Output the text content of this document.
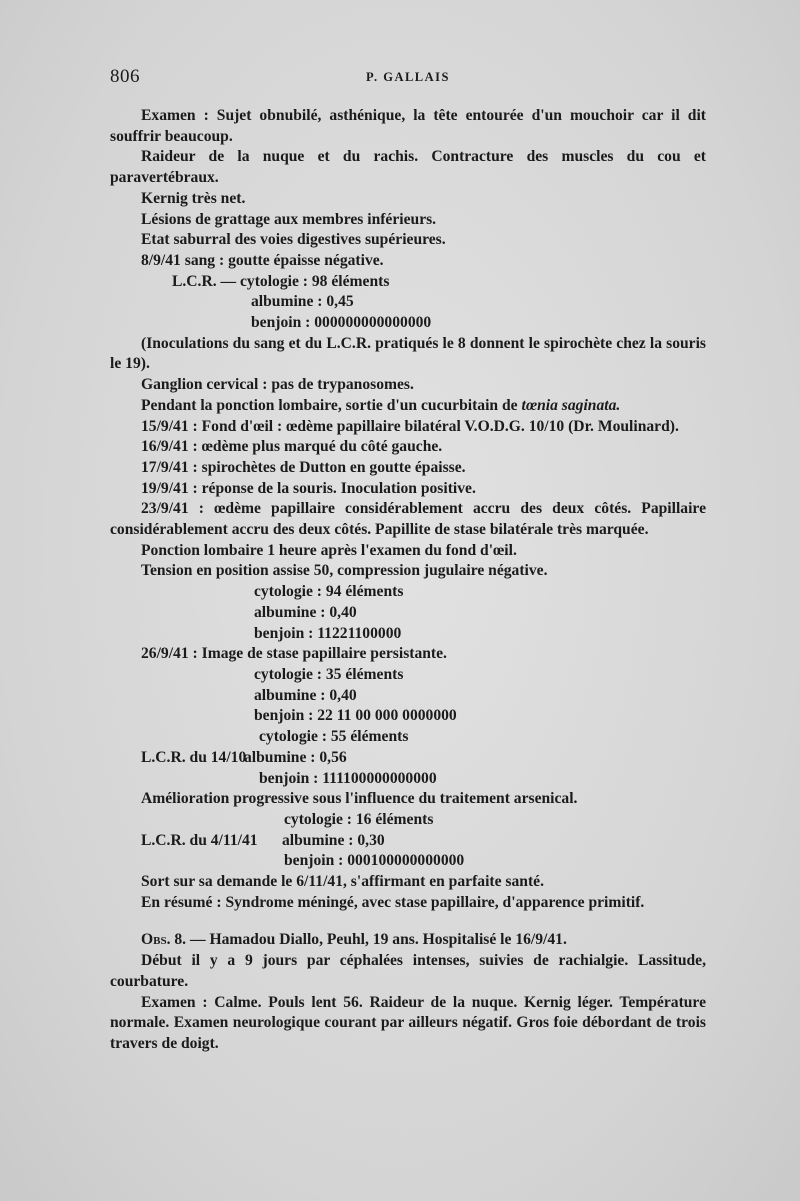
806	P. GALLAIS

Examen : Sujet obnubilé, asthénique, la tête entourée d'un mouchoir car il dit souffrir beaucoup.

Raideur de la nuque et du rachis. Contracture des muscles du cou et paravertébraux.

Kernig très net.

Lésions de grattage aux membres inférieurs.

Etat saburral des voies digestives supérieures.

8/9/41 sang : goutte épaisse négative.

L.C.R. — cytologie : 98 éléments
albumine : 0,45
benjoin : 000000000000000

(Inoculations du sang et du L.C.R. pratiqués le 8 donnent le spirochète chez la souris le 19).

Ganglion cervical : pas de trypanosomes.

Pendant la ponction lombaire, sortie d'un cucurbitain de tœnia saginata.

15/9/41 : Fond d'œil : œdème papillaire bilatéral V.O.D.G. 10/10 (Dr. Moulinard).

16/9/41 : œdème plus marqué du côté gauche.

17/9/41 : spirochètes de Dutton en goutte épaisse.

19/9/41 : réponse de la souris. Inoculation positive.

23/9/41 : œdème papillaire considérablement accru des deux côtés. Papillaire considérablement accru des deux côtés. Papillite de stase bilatérale très marquée.

Ponction lombaire 1 heure après l'examen du fond d'œil.

Tension en position assise 50, compression jugulaire négative.

cytologie : 94 éléments
albumine : 0,40
benjoin : 11221100000

26/9/41 : Image de stase papillaire persistante.

cytologie : 35 éléments
albumine : 0,40
benjoin : 22 11 00 000 0000000
L.C.R. du 14/10
cytologie : 55 éléments
albumine : 0,56
benjoin : 111100000000000

Amélioration progressive sous l'influence du traitement arsenical.

L.C.R. du 4/11/41
cytologie : 16 éléments
albumine : 0,30
benjoin : 000100000000000

Sort sur sa demande le 6/11/41, s'affirmant en parfaite santé.

En résumé : Syndrome méningé, avec stase papillaire, d'apparence primitif.

Obs. 8. — Hamadou Diallo, Peuhl, 19 ans. Hospitalisé le 16/9/41.

Début il y a 9 jours par céphalées intenses, suivies de rachialgie. Lassitude, courbature.

Examen : Calme. Pouls lent 56. Raideur de la nuque. Kernig léger. Température normale. Examen neurologique courant par ailleurs négatif. Gros foie débordant de trois travers de doigt.
